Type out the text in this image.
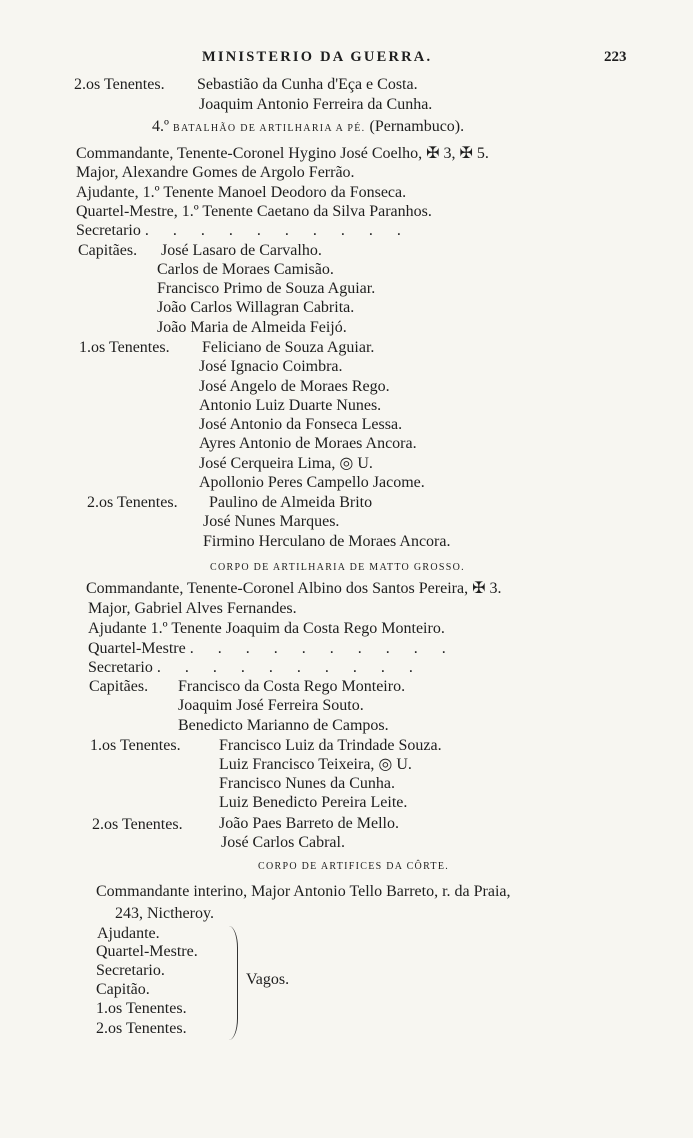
MINISTERIO DA GUERRA.	223
2.os Tenentes. Sebastião da Cunha d'Eça e Costa.
Joaquim Antonio Ferreira da Cunha.
4.º BATALHÃO DE ARTILHARIA A PÉ. (Pernambuco).
Commandante, Tenente-Coronel Hygino José Coelho, ✠ 3, ✠ 5.
Major, Alexandre Gomes de Argolo Ferrão.
Ajudante, 1.º Tenente Manoel Deodoro da Fonseca.
Quartel-Mestre, 1.º Tenente Caetano da Silva Paranhos.
Secretario . . . . . . . . . .
Capitães. José Lasaro de Carvalho.
Carlos de Moraes Camisão.
Francisco Primo de Souza Aguiar.
João Carlos Willagran Cabrita.
João Maria de Almeida Feijó.
1.os Tenentes. Feliciano de Souza Aguiar.
José Ignacio Coimbra.
José Angelo de Moraes Rego.
Antonio Luiz Duarte Nunes.
José Antonio da Fonseca Lessa.
Ayres Antonio de Moraes Ancora.
José Cerqueira Lima, ◎ U.
Apollonio Peres Campello Jacome.
2.os Tenentes. Paulino de Almeida Brito
José Nunes Marques.
Firmino Herculano de Moraes Ancora.
CORPO DE ARTILHARIA DE MATTO GROSSO.
Commandante, Tenente-Coronel Albino dos Santos Pereira, ✠ 3.
Major, Gabriel Alves Fernandes.
Ajudante 1.º Tenente Joaquim da Costa Rego Monteiro.
Quartel-Mestre . . . . . . . . . .
Secretario . . . . . . . . . .
Capitães. Francisco da Costa Rego Monteiro.
Joaquim José Ferreira Souto.
Benedicto Marianno de Campos.
1.os Tenentes. Francisco Luiz da Trindade Souza.
Luiz Francisco Teixeira, ◎ U.
Francisco Nunes da Cunha.
Luiz Benedicto Pereira Leite.
2.os Tenentes. João Paes Barreto de Mello.
José Carlos Cabral.
CORPO DE ARTIFICES DA CÔRTE.
Commandante interino, Major Antonio Tello Barreto, r. da Praia,
243, Nictheroy.
Ajudante.
Quartel-Mestre.
Secretario.
Capitão.
1.os Tenentes.
2.os Tenentes.
Vagos.
